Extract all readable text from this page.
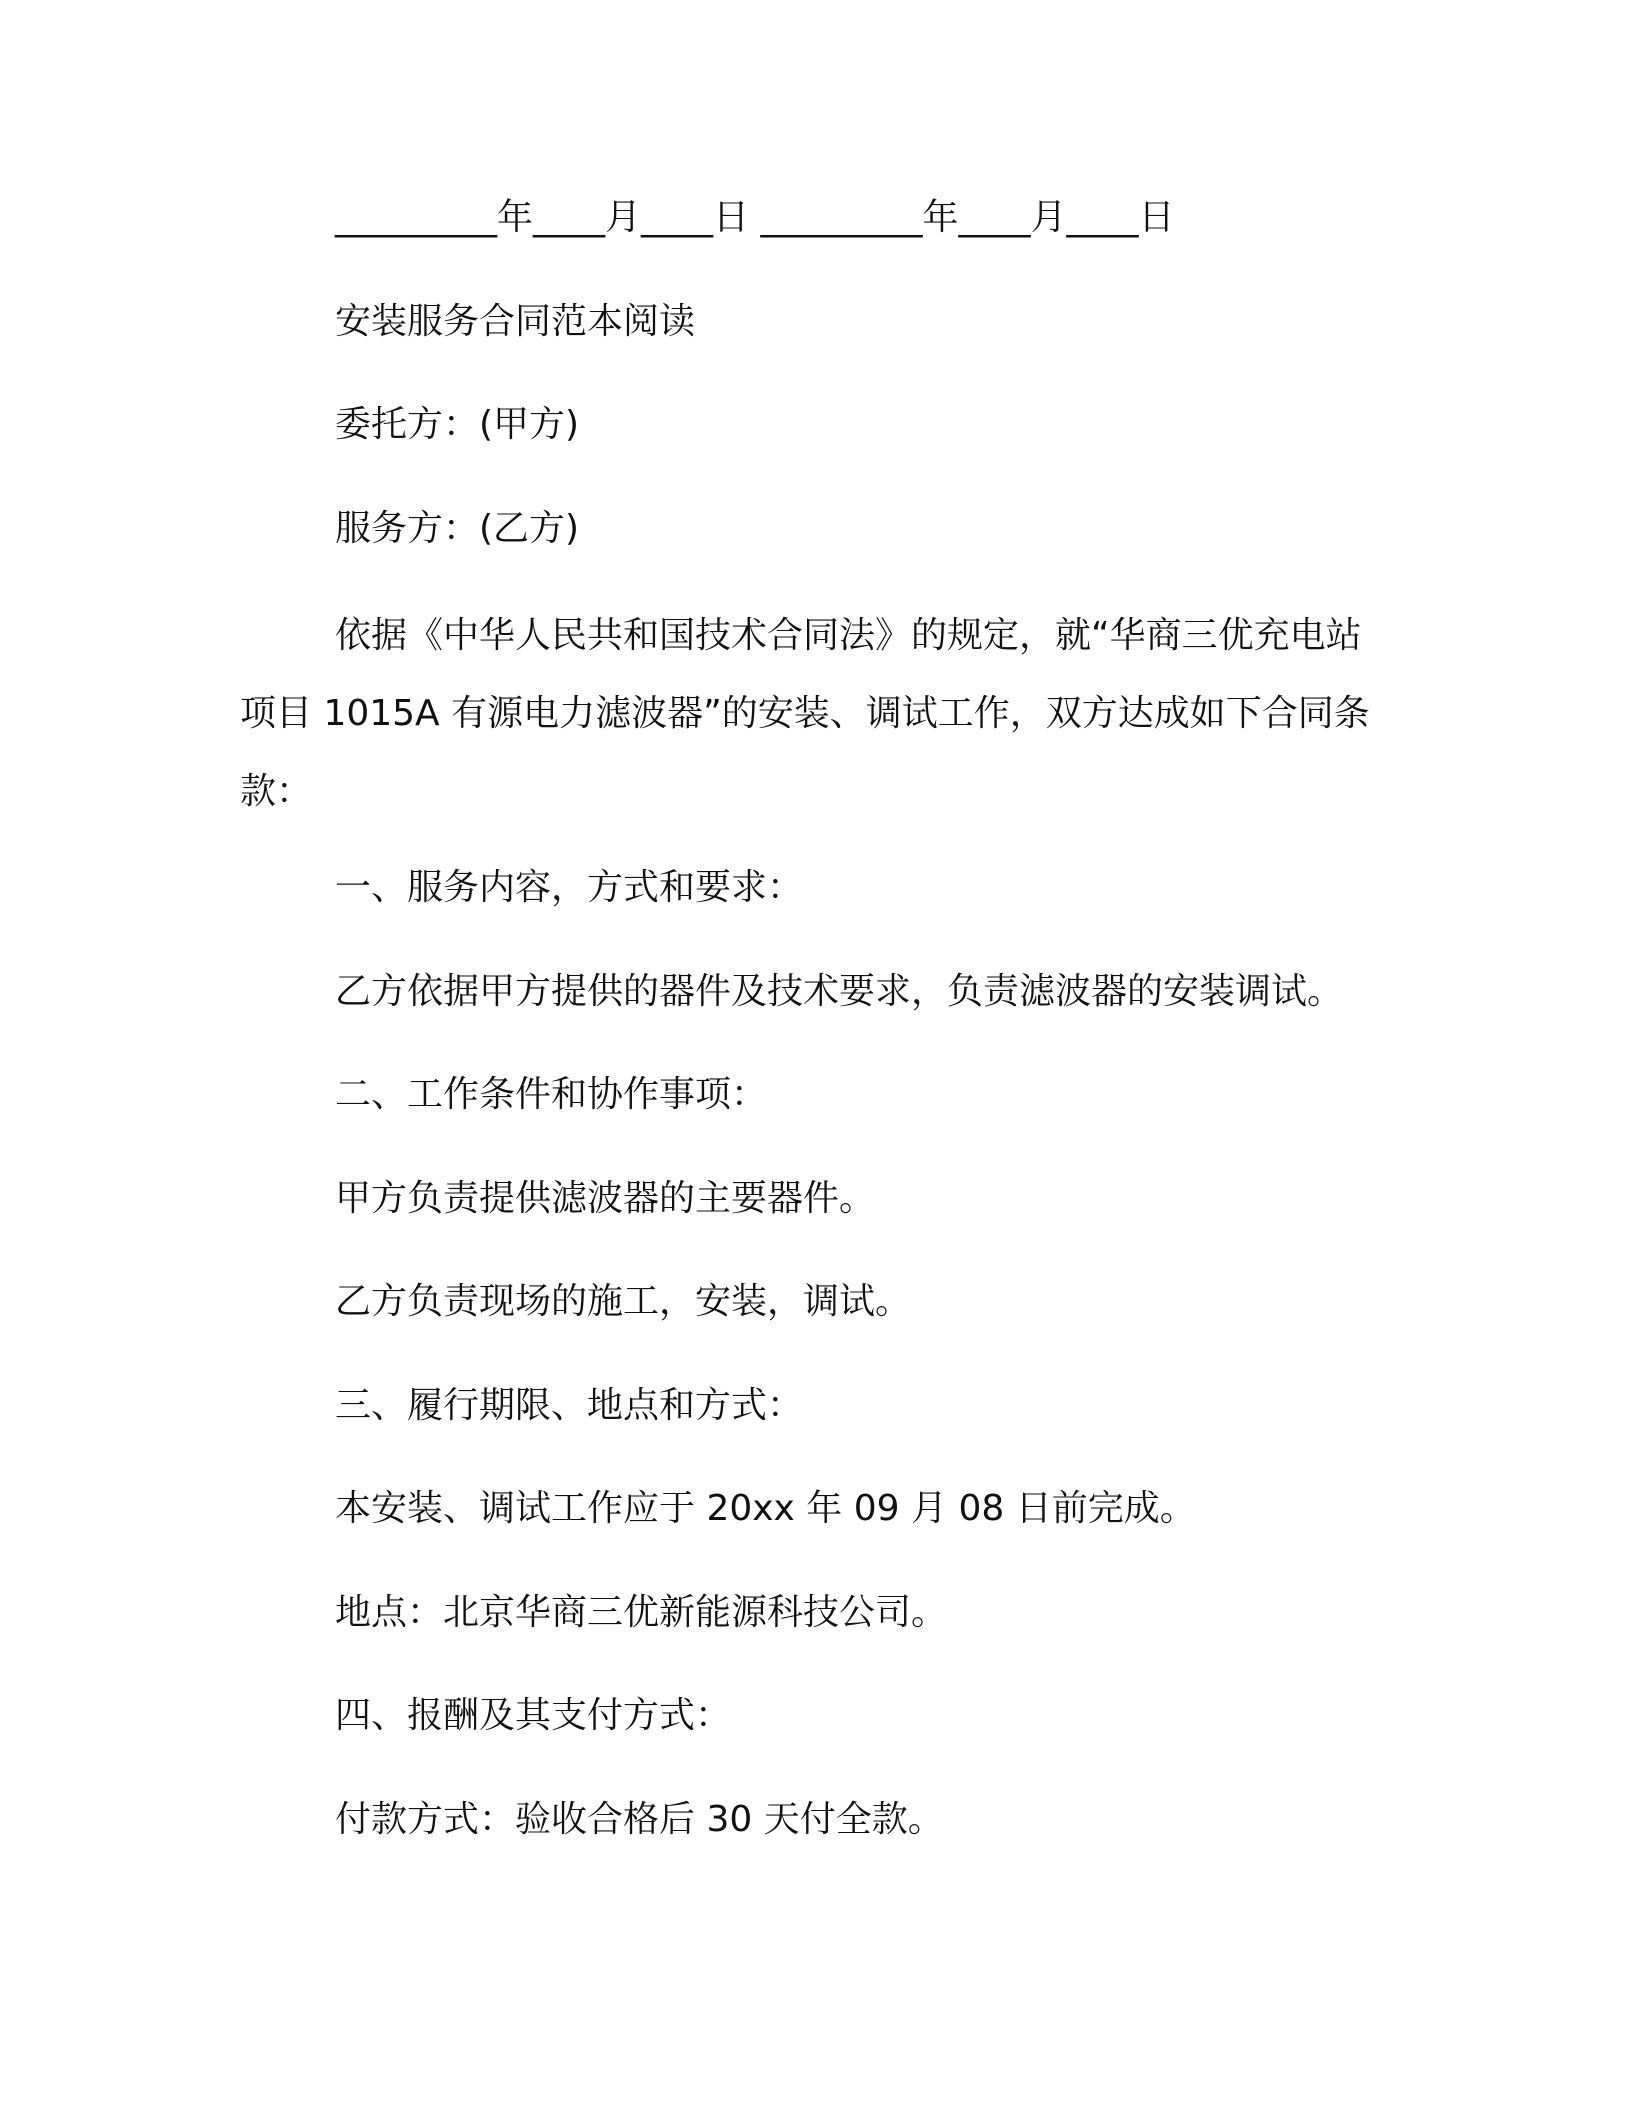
_________年____月____日 _________年____月____日
安装服务合同范本阅读
委托方：(甲方)
服务方：(乙方)
依据《中华人民共和国技术合同法》的规定，就“华商三优充电站项目 1015A 有源电力滤波器”的安装、调试工作，双方达成如下合同条款：
一、服务内容，方式和要求：
乙方依据甲方提供的器件及技术要求，负责滤波器的安装调试。
二、工作条件和协作事项：
甲方负责提供滤波器的主要器件。
乙方负责现场的施工，安装，调试。
三、履行期限、地点和方式：
本安装、调试工作应于 20xx 年 09 月 08 日前完成。
地点：北京华商三优新能源科技公司。
四、报酬及其支付方式：
付款方式：验收合格后 30 天付全款。
